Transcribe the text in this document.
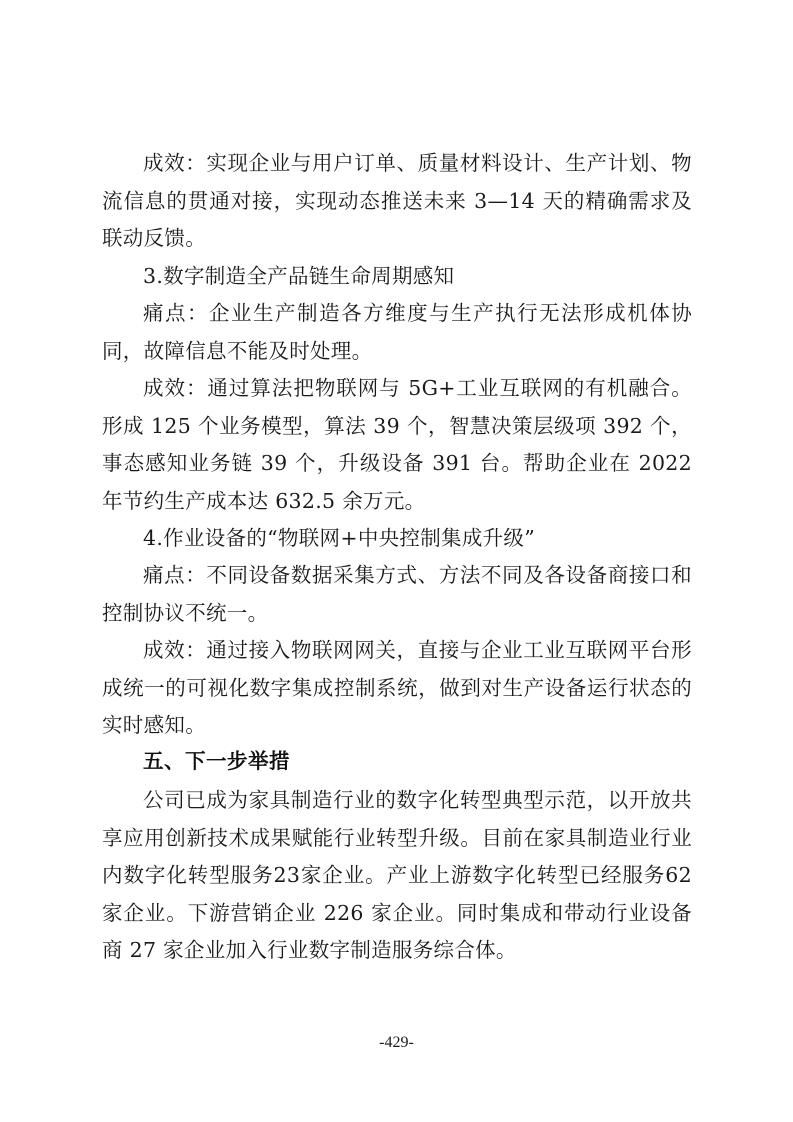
成效：实现企业与用户订单、质量材料设计、生产计划、物流信息的贯通对接，实现动态推送未来 3—14 天的精确需求及联动反馈。

3.数字制造全产品链生命周期感知

痛点：企业生产制造各方维度与生产执行无法形成机体协同，故障信息不能及时处理。

成效：通过算法把物联网与 5G+工业互联网的有机融合。形成 125 个业务模型，算法 39 个，智慧决策层级项 392 个，事态感知业务链 39 个，升级设备 391 台。帮助企业在 2022 年节约生产成本达 632.5 余万元。

4.作业设备的“物联网+中央控制集成升级”

痛点：不同设备数据采集方式、方法不同及各设备商接口和控制协议不统一。

成效：通过接入物联网网关，直接与企业工业互联网平台形成统一的可视化数字集成控制系统，做到对生产设备运行状态的实时感知。

五、下一步举措

公司已成为家具制造行业的数字化转型典型示范，以开放共享应用创新技术成果赋能行业转型升级。目前在家具制造业行业内数字化转型服务23家企业。产业上游数字化转型已经服务62家企业。下游营销企业 226 家企业。同时集成和带动行业设备商 27 家企业加入行业数字制造服务综合体。

-429-
